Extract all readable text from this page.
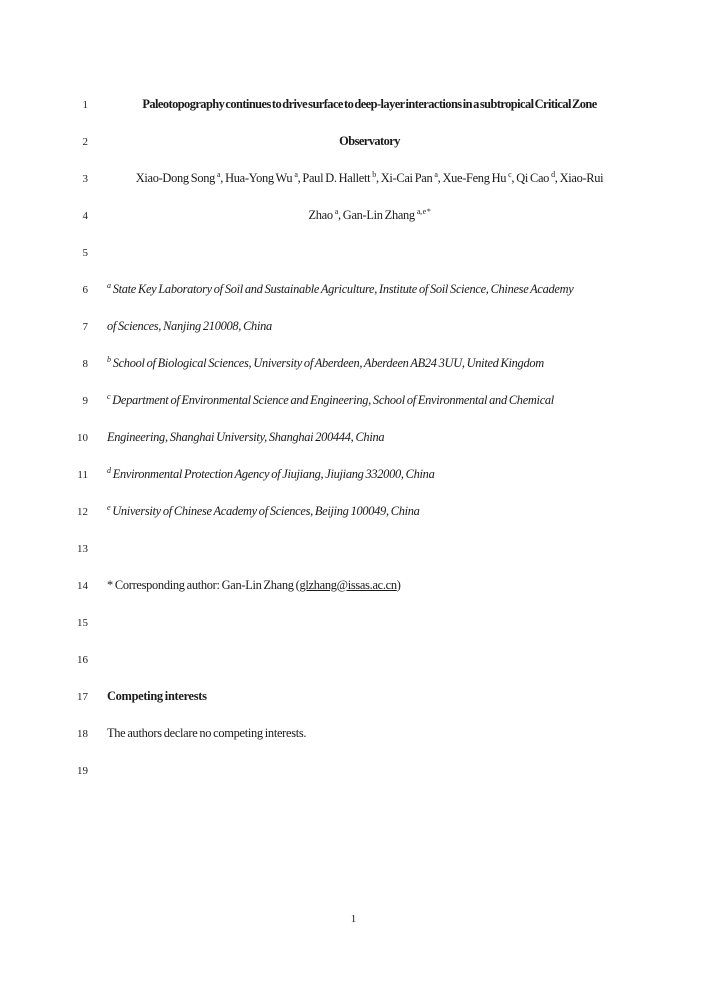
1	Paleotopography continues to drive surface to deep-layer interactions in a subtropical Critical Zone
2	Observatory
3	Xiao-Dong Song $^a$, Hua-Yong Wu $^a$, Paul D. Hallett $^b$, Xi-Cai Pan $^a$, Xue-Feng Hu $^c$, Qi Cao $^d$, Xiao-Rui
4	Zhao $^a$, Gan-Lin Zhang $^{a, e *}$
5
6 $^a$ State Key Laboratory of Soil and Sustainable Agriculture, Institute of Soil Science, Chinese Academy
7 of Sciences, Nanjing 210008, China
8 $^b$ School of Biological Sciences, University of Aberdeen, Aberdeen AB24 3UU, United Kingdom
9 $^c$ Department of Environmental Science and Engineering, School of Environmental and Chemical
10 Engineering, Shanghai University, Shanghai 200444, China
11 $^d$ Environmental Protection Agency of Jiujiang, Jiujiang 332000, China
12 $^e$ University of Chinese Academy of Sciences, Beijing 100049, China
13
14 * Corresponding author: Gan-Lin Zhang (glzhang@issas.ac.cn)
15
16
17 Competing interests
18 The authors declare no competing interests.
19
1
